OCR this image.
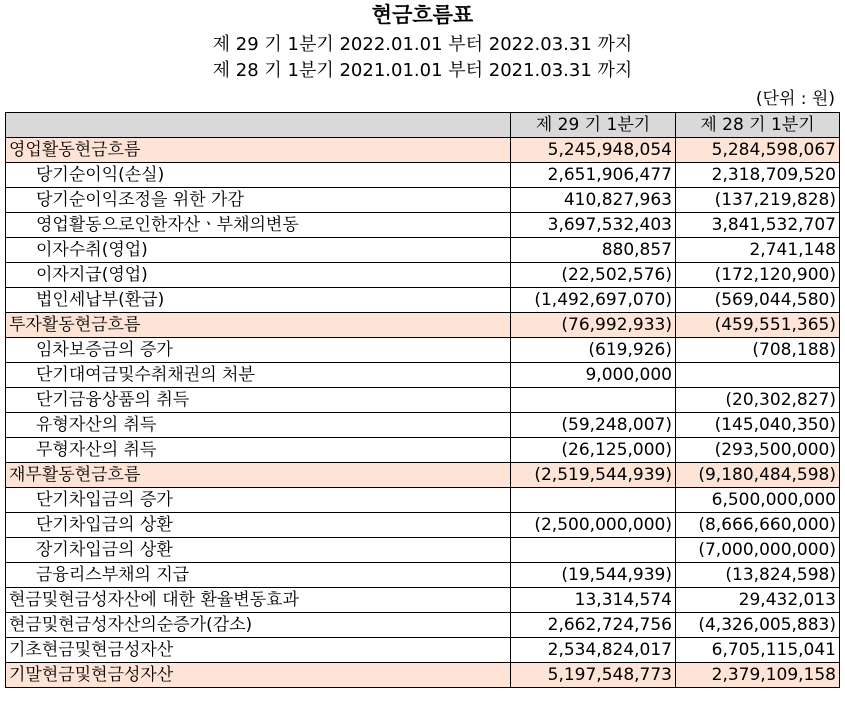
현금흐름표
제 29 기 1분기 2022.01.01 부터 2022.03.31 까지
제 28 기 1분기 2021.01.01 부터 2021.03.31 까지
(단위 : 원)
	제 29 기 1분기	제 28 기 1분기
영업활동현금흐름	5,245,948,054	5,284,598,067
당기순이익(손실)	2,651,906,477	2,318,709,520
당기순이익조정을 위한 가감	410,827,963	(137,219,828)
영업활동으로인한자산ㆍ부채의변동	3,697,532,403	3,841,532,707
이자수취(영업)	880,857	2,741,148
이자지급(영업)	(22,502,576)	(172,120,900)
법인세납부(환급)	(1,492,697,070)	(569,044,580)
투자활동현금흐름	(76,992,933)	(459,551,365)
임차보증금의 증가	(619,926)	(708,188)
단기대여금및수취채권의 처분	9,000,000	
단기금융상품의 취득		(20,302,827)
유형자산의 취득	(59,248,007)	(145,040,350)
무형자산의 취득	(26,125,000)	(293,500,000)
재무활동현금흐름	(2,519,544,939)	(9,180,484,598)
단기차입금의 증가		6,500,000,000
단기차입금의 상환	(2,500,000,000)	(8,666,660,000)
장기차입금의 상환		(7,000,000,000)
금융리스부채의 지급	(19,544,939)	(13,824,598)
현금및현금성자산에 대한 환율변동효과	13,314,574	29,432,013
현금및현금성자산의순증가(감소)	2,662,724,756	(4,326,005,883)
기초현금및현금성자산	2,534,824,017	6,705,115,041
기말현금및현금성자산	5,197,548,773	2,379,109,158
